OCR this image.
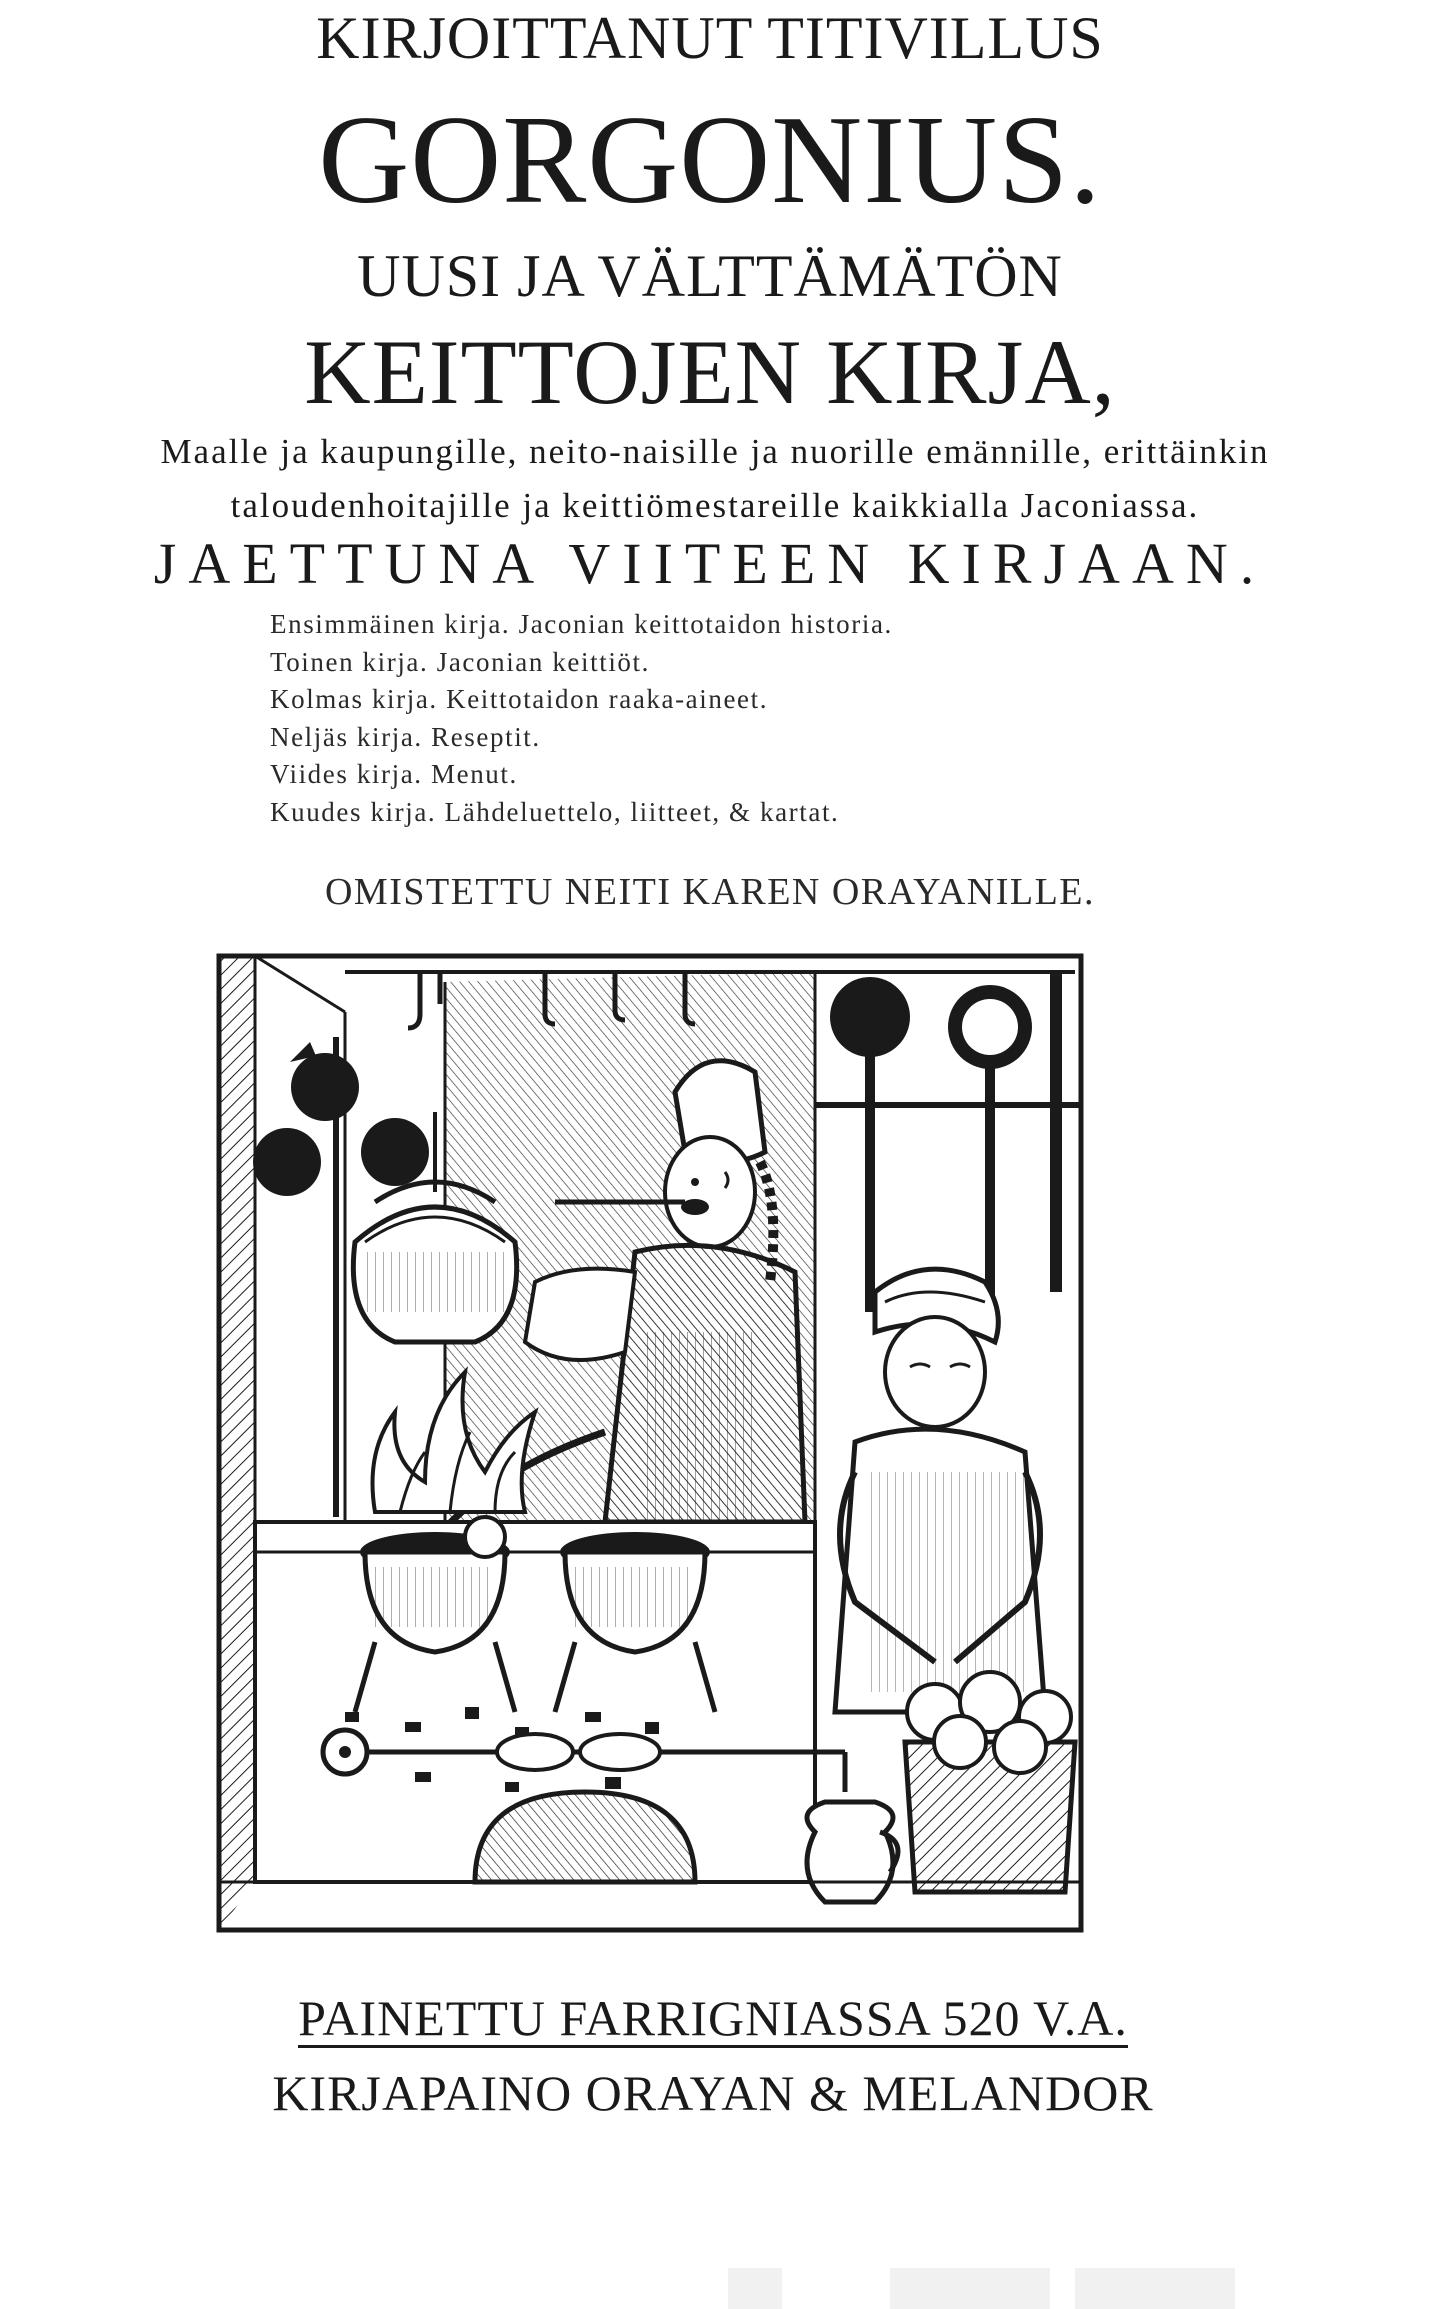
KIRJOITTANUT TITIVILLUS
GORGONIUS.
UUSI JA VÄLTTÄMÄTÖN
KEITTOJEN KIRJA,
Maalle ja kaupungille, neito-naisille ja nuorille emännille, erittäinkin
taloudenhoitajille ja keittiömestareille kaikkialla Jaconiassa.
JAETTUNA VIITEEN KIRJAAN.
Ensimmäinen kirja. Jaconian keittotaidon historia.
Toinen kirja. Jaconian keittiöt.
Kolmas kirja. Keittotaidon raaka-aineet.
Neljäs kirja. Reseptit.
Viides kirja. Menut.
Kuudes kirja. Lähdeluettelo, liitteet, & kartat.
OMISTETTU NEITI KAREN ORAYANILLE.
PAINETTU FARRIGNIASSA 520 V.A.
KIRJAPAINO ORAYAN & MELANDOR
